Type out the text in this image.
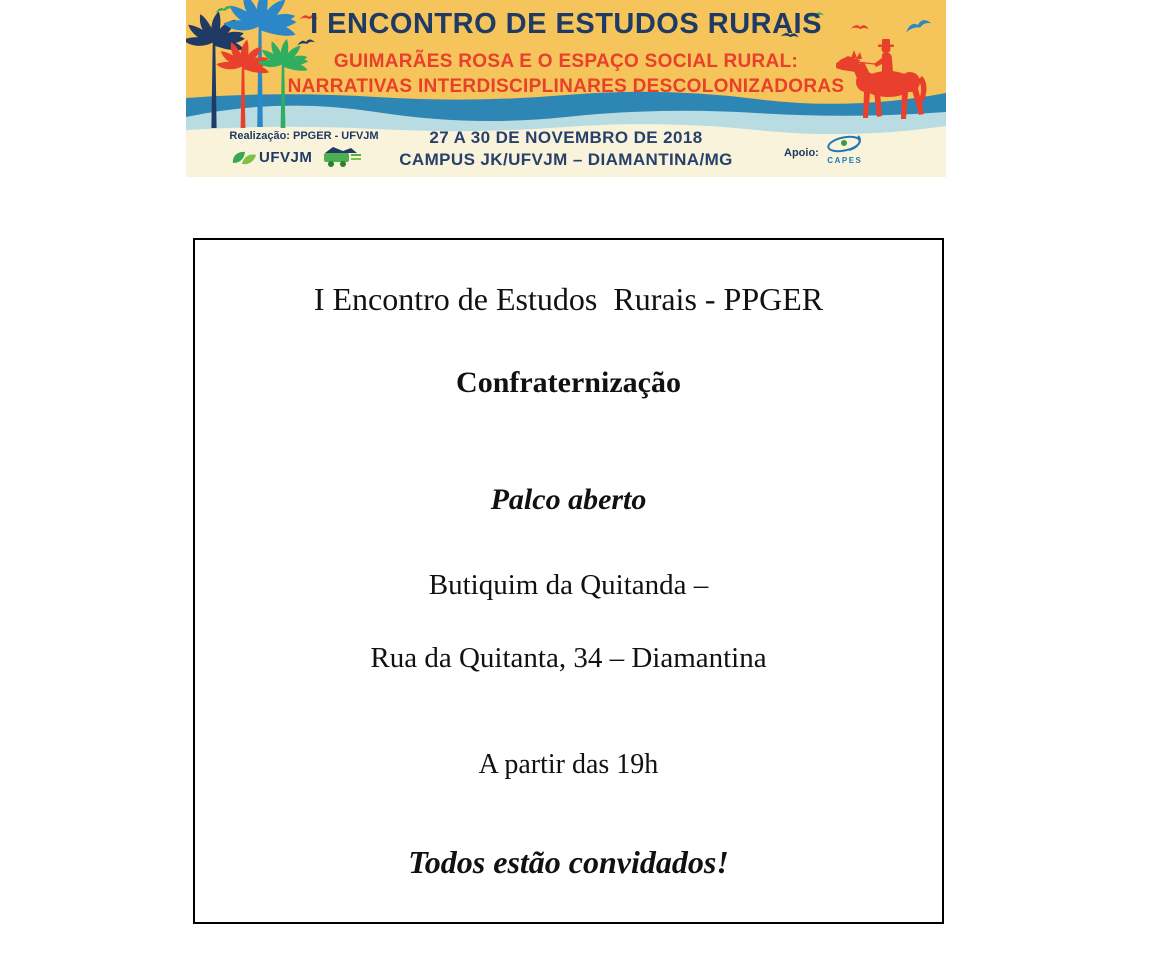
I ENCONTRO DE ESTUDOS RURAIS
GUIMARÃES ROSA E O ESPAÇO SOCIAL RURAL:
NARRATIVAS INTERDISCIPLINARES DESCOLONIZADORAS
27 A 30 DE NOVEMBRO DE 2018
CAMPUS JK/UFVJM – DIAMANTINA/MG
Realização: PPGER - UFVJM
UFVJM	Apoio:
CAPES
I Encontro de Estudos  Rurais - PPGER
Confraternização
Palco aberto
Butiquim da Quitanda –
Rua da Quitanta, 34 – Diamantina
A partir das 19h
Todos estão convidados!
